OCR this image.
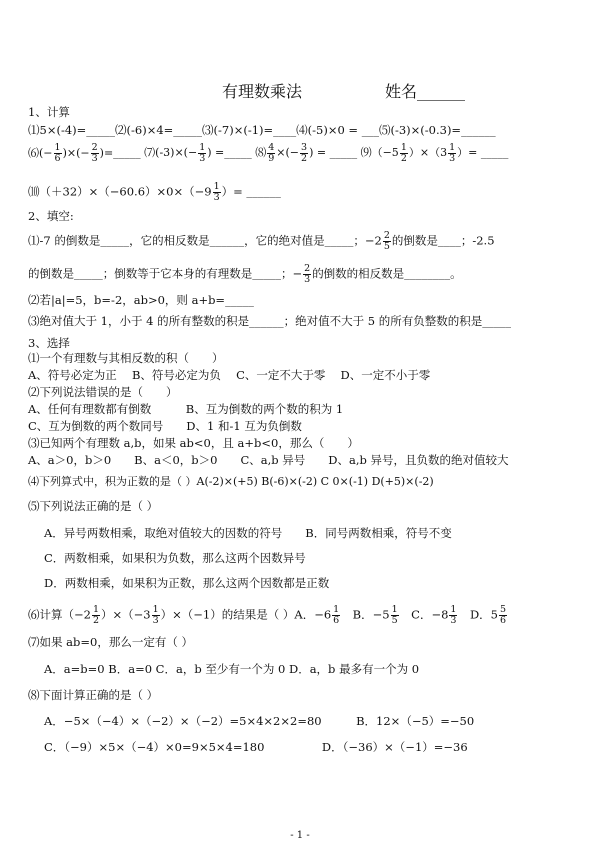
有理数乘法	姓名______
1、计算
⑴5×(-4)=_____⑵(-6)×4=_____⑶(-7)×(-1)=____⑷(-5)×0 = ___⑸(-3)×(-0.3)=______
⑹(− $\frac{1}{6}$ )×(− $\frac{2}{3}$ )=_____ ⑺(-3)×(− $\frac{1}{3}$ ) =_____ ⑻ $\frac{4}{9}$ ×(− $\frac{3}{2}$ ) = _____ ⑼（−5 $\frac{1}{2} )\times(3 \frac{1}{3}$ ）= _____
⑽（＋32）×（−60.6）×0×（−9 $\frac{1}{3}$ ）= ______
2、填空:
⑴-7 的倒数是_____，它的相反数是______，它的绝对值是_____；$-2 \frac{2}{5}$ 的倒数是____；-2.5
的倒数是_____；倒数等于它本身的有理数是_____；− $\frac{2}{3}$ 的倒数的相反数是________。
⑵若|a|=5，b=-2，ab>0，则 a+b=_____
⑶绝对值大于 1，小于 4 的所有整数的积是______；绝对值不大于 5 的所有负整数的积是_____
3、选择
⑴一个有理数与其相反数的积（　　）
A、符号必定为正　 B、符号必定为负　 C、一定不大于零　 D、一定不小于零
⑵下列说法错误的是（　　）
A、任何有理数都有倒数　　　B、互为倒数的两个数的积为 1
C、互为倒数的两个数同号　　D、1 和-1 互为负倒数
⑶已知两个有理数 a,b，如果 ab<0，且 a+b<0，那么（　　）
A、a＞0，b＞0　　B、a＜0，b＞0　　C、a,b 异号　　D、a,b 异号，且负数的绝对值较大
⑷下列算式中，积为正数的是（ ）A(-2)×(+5) B(-6)×(-2) C 0×(-1) D(+5)×(-2)
⑸下列说法正确的是（ ）
A．异号两数相乘，取绝对值较大的因数的符号　　B．同号两数相乘，符号不变
C．两数相乘，如果积为负数，那么这两个因数异号
D．两数相乘，如果积为正数，那么这两个因数都是正数
⑹计算$(-2 \frac{1}{2} )\times(-3 \frac{1}{3} )\times(-1)$的结果是（ ）A．$-6 \frac{1}{6}$ 　B．$-5 \frac{1}{5}$ 　C．$-8 \frac{1}{3}$ 　D．$5 \frac{5}{6}$
⑺如果 ab=0，那么一定有（ ）
A．a=b=0 B．a=0 C．a，b 至少有一个为 0 D．a，b 最多有一个为 0
⑻下面计算正确的是（ ）
A．−5×（−4）×（−2）×（−2）=5×4×2×2=80　　　B．12×（−5）=−50
C．（−9）×5×（−4）×0=9×5×4=180　　　　　D．（−36）×（−1）=−36
- 1 -
